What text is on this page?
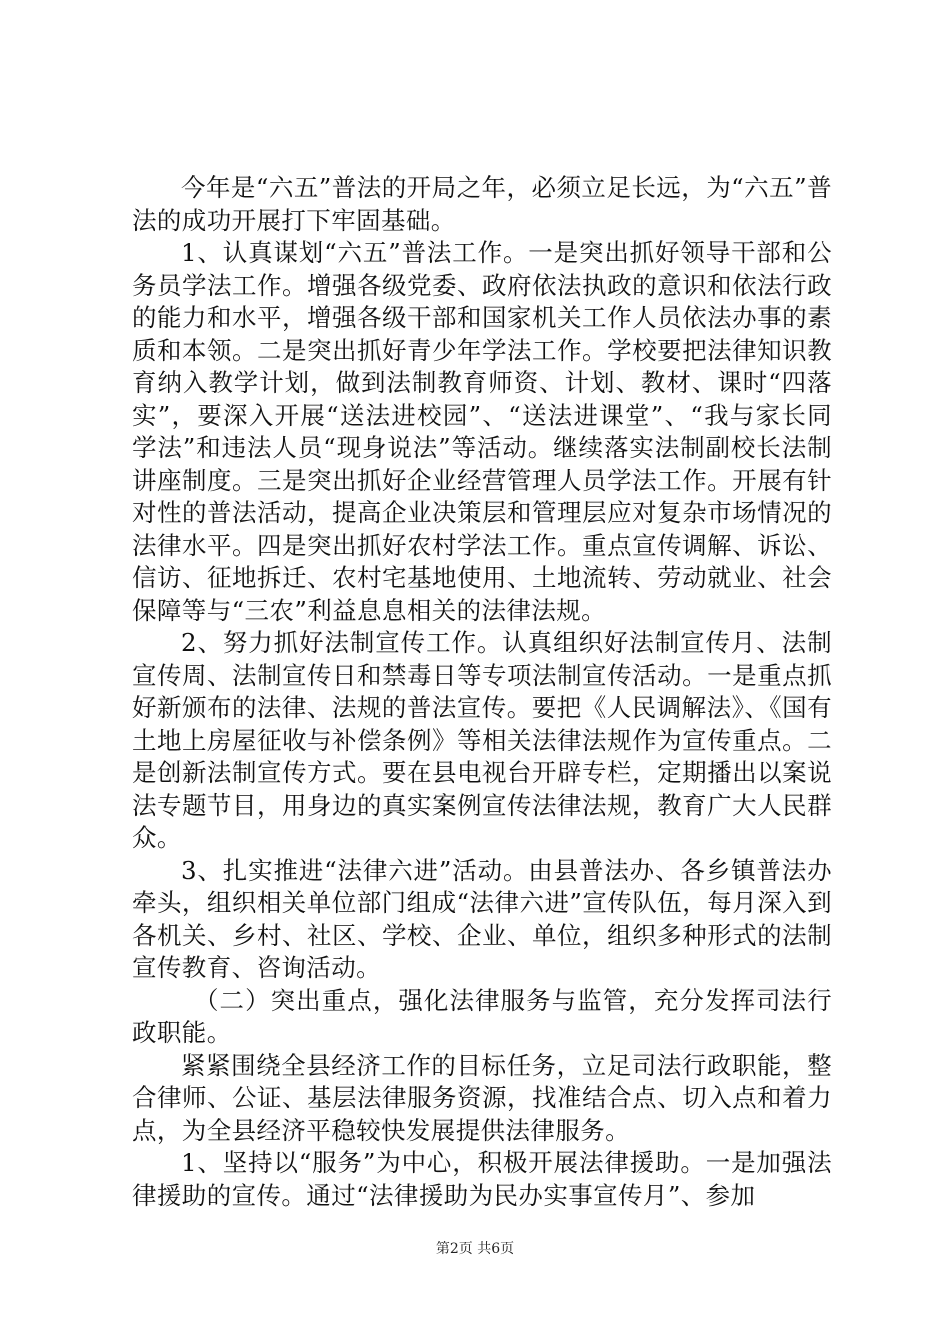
今年是“六五”普法的开局之年，必须立足长远，为“六五”普法的成功开展打下牢固基础。

1、认真谋划“六五”普法工作。一是突出抓好领导干部和公务员学法工作。增强各级党委、政府依法执政的意识和依法行政的能力和水平，增强各级干部和国家机关工作人员依法办事的素质和本领。二是突出抓好青少年学法工作。学校要把法律知识教育纳入教学计划，做到法制教育师资、计划、教材、课时“四落实”，要深入开展“送法进校园”、“送法进课堂”、“我与家长同学法”和违法人员“现身说法”等活动。继续落实法制副校长法制讲座制度。三是突出抓好企业经营管理人员学法工作。开展有针对性的普法活动，提高企业决策层和管理层应对复杂市场情况的法律水平。四是突出抓好农村学法工作。重点宣传调解、诉讼、信访、征地拆迁、农村宅基地使用、土地流转、劳动就业、社会保障等与“三农”利益息息相关的法律法规。

2、努力抓好法制宣传工作。认真组织好法制宣传月、法制宣传周、法制宣传日和禁毒日等专项法制宣传活动。一是重点抓好新颁布的法律、法规的普法宣传。要把《人民调解法》、《国有土地上房屋征收与补偿条例》等相关法律法规作为宣传重点。二是创新法制宣传方式。要在县电视台开辟专栏，定期播出以案说法专题节目，用身边的真实案例宣传法律法规，教育广大人民群众。

3、扎实推进“法律六进”活动。由县普法办、各乡镇普法办牵头，组织相关单位部门组成“法律六进”宣传队伍，每月深入到各机关、乡村、社区、学校、企业、单位，组织多种形式的法制宣传教育、咨询活动。

（二）突出重点，强化法律服务与监管，充分发挥司法行政职能。

紧紧围绕全县经济工作的目标任务，立足司法行政职能，整合律师、公证、基层法律服务资源，找准结合点、切入点和着力点，为全县经济平稳较快发展提供法律服务。

1、坚持以“服务”为中心，积极开展法律援助。一是加强法律援助的宣传。通过“法律援助为民办实事宣传月”、参加

第2页 共6页
